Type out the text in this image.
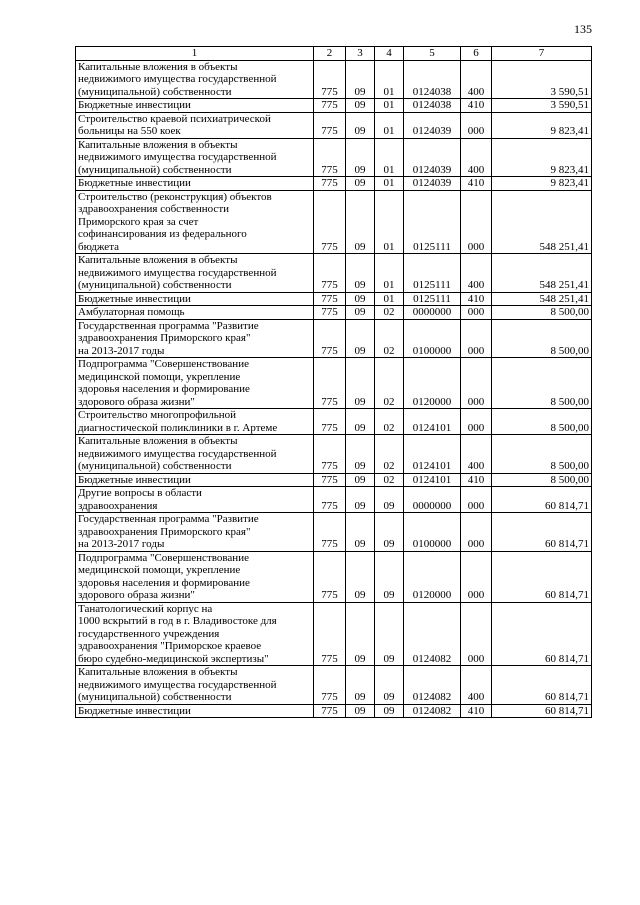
135
1	2	3	4	5	6	7
Капитальные вложения в объекты
недвижимого имущества государственной
(муниципальной) собственности	775	09	01	0124038	400	3 590,51
Бюджетные инвестиции	775	09	01	0124038	410	3 590,51
Строительство краевой психиатрической
больницы на 550 коек	775	09	01	0124039	000	9 823,41
Капитальные вложения в объекты
недвижимого имущества государственной
(муниципальной) собственности	775	09	01	0124039	400	9 823,41
Бюджетные инвестиции	775	09	01	0124039	410	9 823,41
Строительство (реконструкция) объектов
здравоохранения собственности
Приморского края за счет
софинансирования из федерального
бюджета	775	09	01	0125111	000	548 251,41
Капитальные вложения в объекты
недвижимого имущества государственной
(муниципальной) собственности	775	09	01	0125111	400	548 251,41
Бюджетные инвестиции	775	09	01	0125111	410	548 251,41
Амбулаторная помощь	775	09	02	0000000	000	8 500,00
Государственная программа "Развитие
здравоохранения Приморского края"
на 2013-2017 годы	775	09	02	0100000	000	8 500,00
Подпрограмма "Совершенствование
медицинской помощи, укрепление
здоровья населения и формирование
здорового образа жизни"	775	09	02	0120000	000	8 500,00
Строительство многопрофильной
диагностической поликлиники в г. Артеме	775	09	02	0124101	000	8 500,00
Капитальные вложения в объекты
недвижимого имущества государственной
(муниципальной) собственности	775	09	02	0124101	400	8 500,00
Бюджетные инвестиции	775	09	02	0124101	410	8 500,00
Другие вопросы в области
здравоохранения	775	09	09	0000000	000	60 814,71
Государственная программа "Развитие
здравоохранения Приморского края"
на 2013-2017 годы	775	09	09	0100000	000	60 814,71
Подпрограмма "Совершенствование
медицинской помощи, укрепление
здоровья населения и формирование
здорового образа жизни"	775	09	09	0120000	000	60 814,71
Танатологический корпус на
1000 вскрытий в год в г. Владивостоке для
государственного учреждения
здравоохранения "Приморское краевое
бюро судебно-медицинской экспертизы"	775	09	09	0124082	000	60 814,71
Капитальные вложения в объекты
недвижимого имущества государственной
(муниципальной) собственности	775	09	09	0124082	400	60 814,71
Бюджетные инвестиции	775	09	09	0124082	410	60 814,71
